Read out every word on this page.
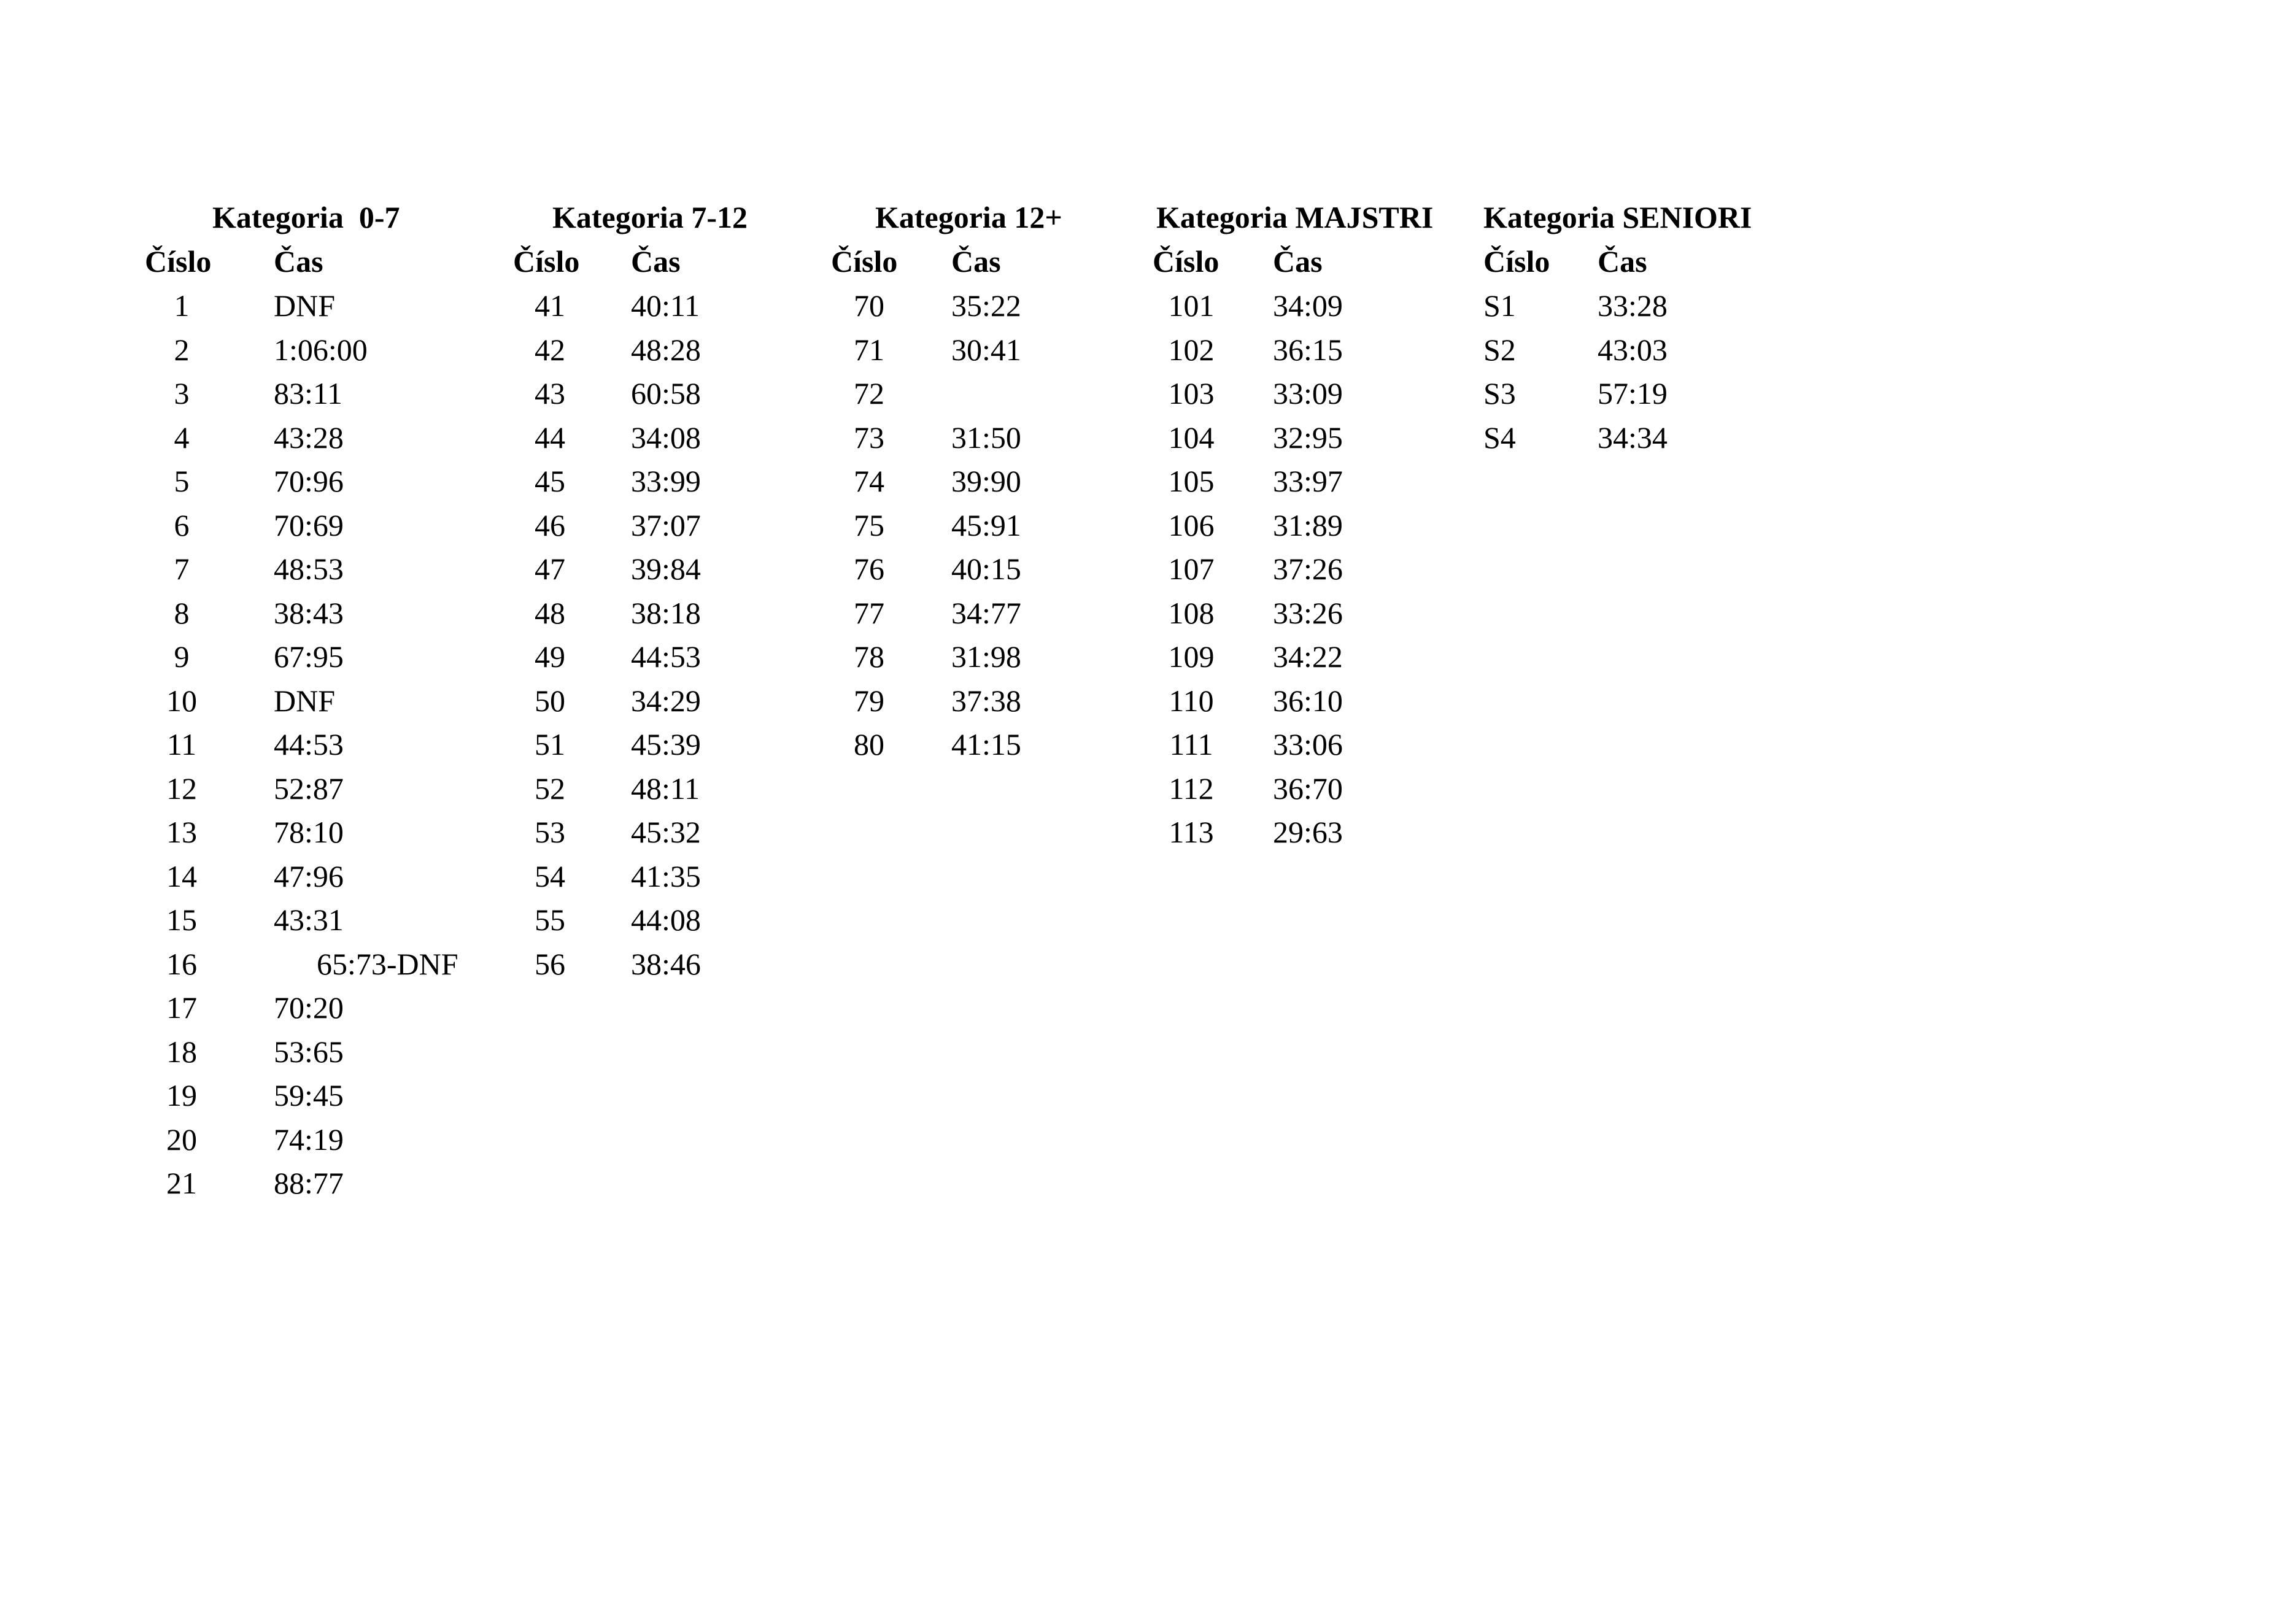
Kategoria  0-7
Číslo Čas
1	DNF
2	1:06:00
3	83:11
4	43:28
5	70:96
6	70:69
7	48:53
8	38:43
9	67:95
10	DNF
11	44:53
12	52:87
13	78:10
14	47:96
15	43:31
16	65:73-DNF
17	70:20
18	53:65
19	59:45
20	74:19
21	88:77
Kategoria 7-12
Číslo Čas
41	40:11
42	48:28
43	60:58
44	34:08
45	33:99
46	37:07
47	39:84
48	38:18
49	44:53
50	34:29
51	45:39
52	48:11
53	45:32
54	41:35
55	44:08
56	38:46
Kategoria 12+
Číslo Čas
70	35:22
71	30:41
72
73	31:50
74	39:90
75	45:91
76	40:15
77	34:77
78	31:98
79	37:38
80	41:15
Kategoria MAJSTRI
Číslo Čas
101	34:09
102	36:15
103	33:09
104	32:95
105	33:97
106	31:89
107	37:26
108	33:26
109	34:22
110	36:10
111	33:06
112	36:70
113	29:63
Kategoria SENIORI
Číslo Čas
S1	33:28
S2	43:03
S3	57:19
S4	34:34
